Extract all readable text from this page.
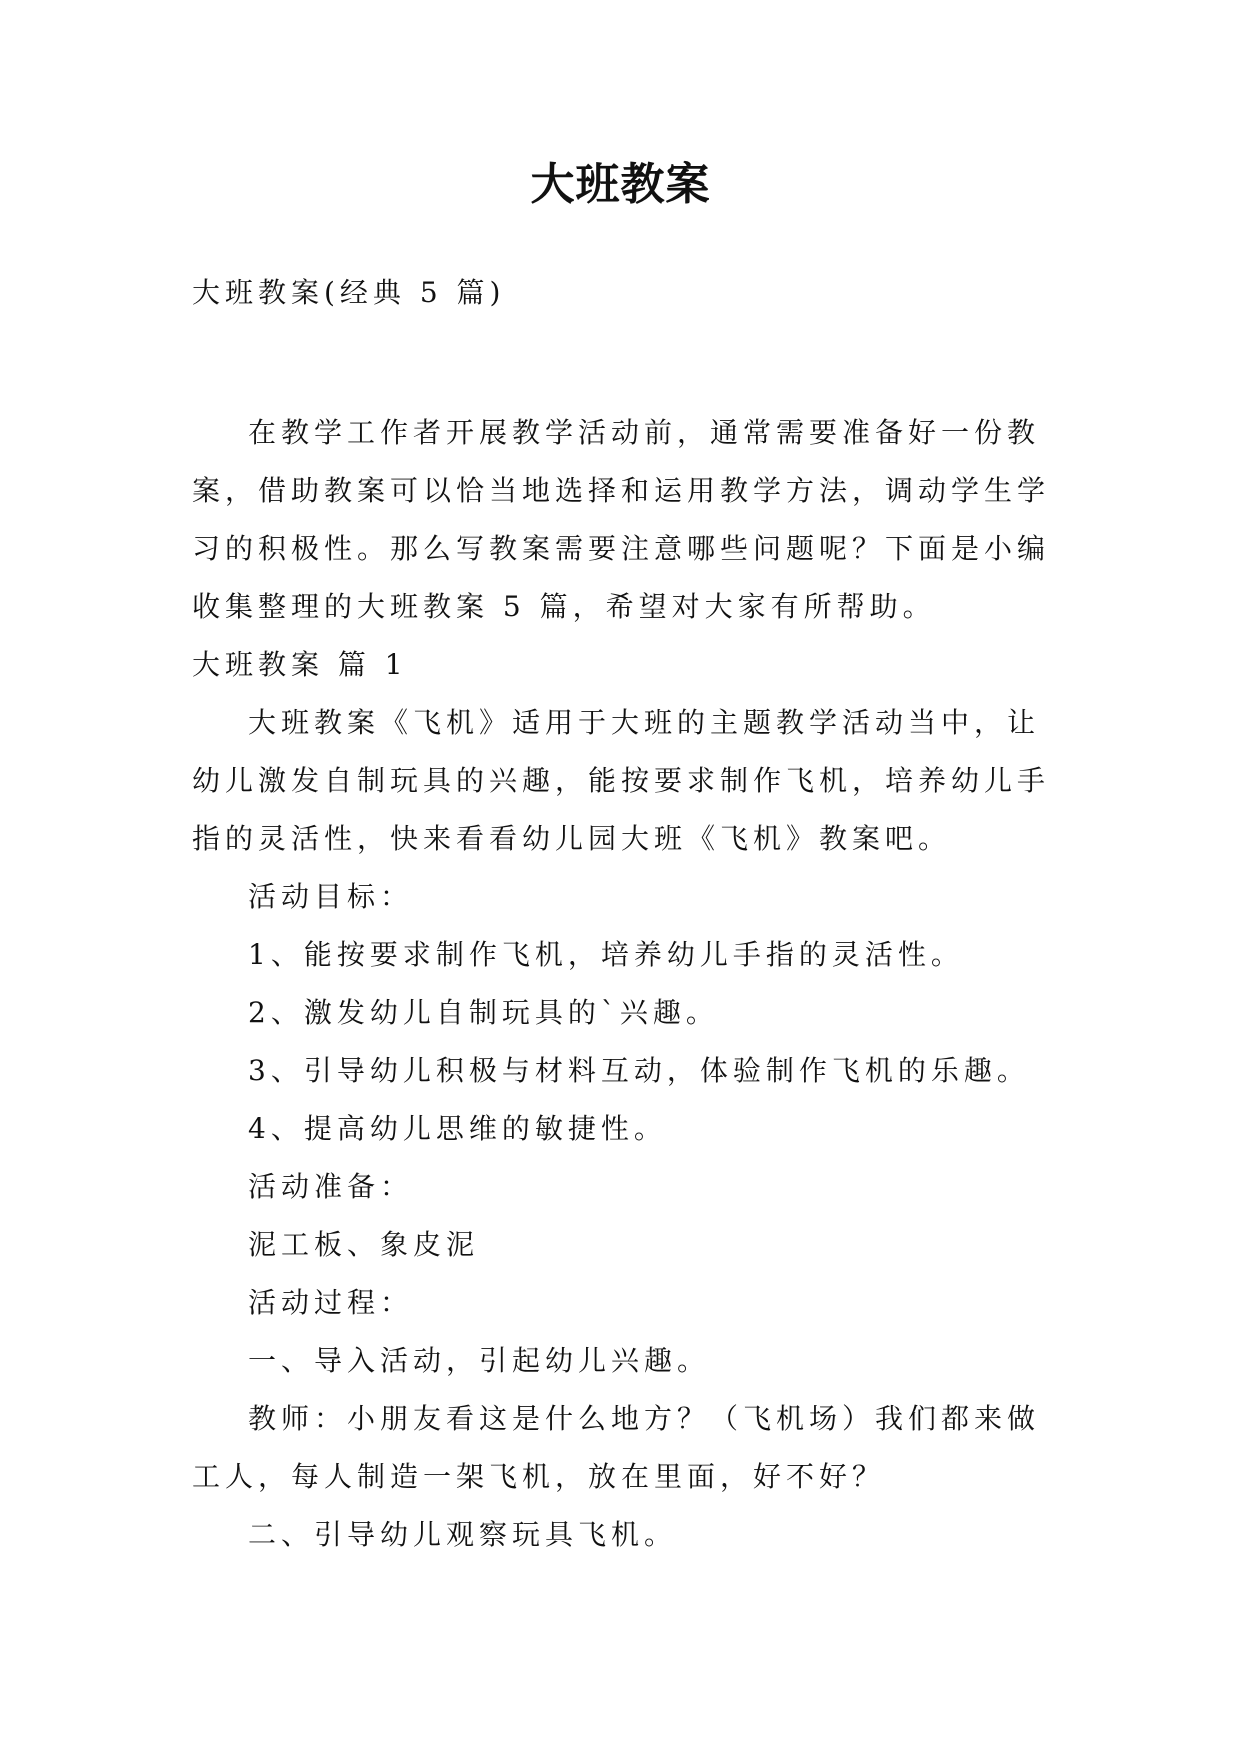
大班教案
大班教案(经典 5 篇)

在教学工作者开展教学活动前，通常需要准备好一份教案，借助教案可以恰当地选择和运用教学方法，调动学生学习的积极性。那么写教案需要注意哪些问题呢？下面是小编收集整理的大班教案 5 篇，希望对大家有所帮助。

大班教案 篇 1

大班教案《飞机》适用于大班的主题教学活动当中，让幼儿激发自制玩具的兴趣，能按要求制作飞机，培养幼儿手指的灵活性，快来看看幼儿园大班《飞机》教案吧。

活动目标：

1、能按要求制作飞机，培养幼儿手指的灵活性。

2、激发幼儿自制玩具的`兴趣。

3、引导幼儿积极与材料互动，体验制作飞机的乐趣。

4、提高幼儿思维的敏捷性。

活动准备：

泥工板、象皮泥

活动过程：

一、导入活动，引起幼儿兴趣。

教师：小朋友看这是什么地方？（飞机场）我们都来做工人，每人制造一架飞机，放在里面，好不好？

二、引导幼儿观察玩具飞机。
